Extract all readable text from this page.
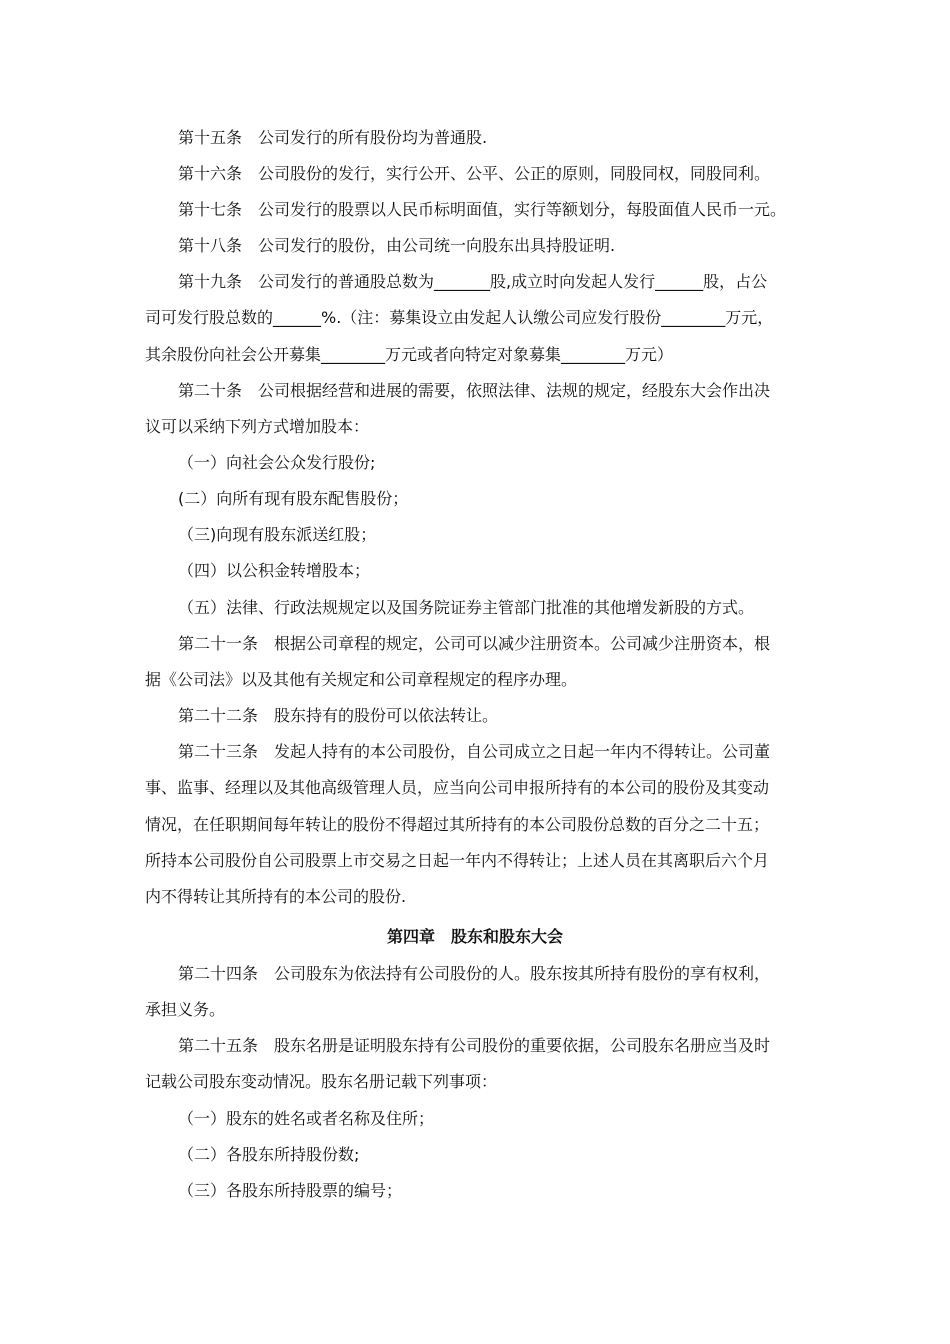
第十五条　公司发行的所有股份均为普通股.
第十六条　公司股份的发行，实行公开、公平、公正的原则，同股同权，同股同利。
第十七条　公司发行的股票以人民币标明面值，实行等额划分，每股面值人民币一元。
第十八条　公司发行的股份，由公司统一向股东出具持股证明.
第十九条　公司发行的普通股总数为_______股,成立时向发起人发行______股，占公
司可发行股总数的______%.（注：募集设立由发起人认缴公司应发行股份________万元，
其余股份向社会公开募集________万元或者向特定对象募集________万元）
第二十条　公司根据经营和进展的需要，依照法律、法规的规定，经股东大会作出决
议可以采纳下列方式增加股本：
（一）向社会公众发行股份;
(二）向所有现有股东配售股份；
（三)向现有股东派送红股；
（四）以公积金转增股本；
（五）法律、行政法规规定以及国务院证券主管部门批准的其他增发新股的方式。
第二十一条　根据公司章程的规定，公司可以减少注册资本。公司减少注册资本，根
据《公司法》以及其他有关规定和公司章程规定的程序办理。
第二十二条　股东持有的股份可以依法转让。
第二十三条　发起人持有的本公司股份，自公司成立之日起一年内不得转让。公司董
事、监事、经理以及其他高级管理人员，应当向公司申报所持有的本公司的股份及其变动
情况，在任职期间每年转让的股份不得超过其所持有的本公司股份总数的百分之二十五；
所持本公司股份自公司股票上市交易之日起一年内不得转让；上述人员在其离职后六个月
内不得转让其所持有的本公司的股份.
第四章　股东和股东大会
第二十四条　公司股东为依法持有公司股份的人。股东按其所持有股份的享有权利，
承担义务。
第二十五条　股东名册是证明股东持有公司股份的重要依据，公司股东名册应当及时
记载公司股东变动情况。股东名册记载下列事项：
（一）股东的姓名或者名称及住所；
（二）各股东所持股份数;
（三）各股东所持股票的编号；
